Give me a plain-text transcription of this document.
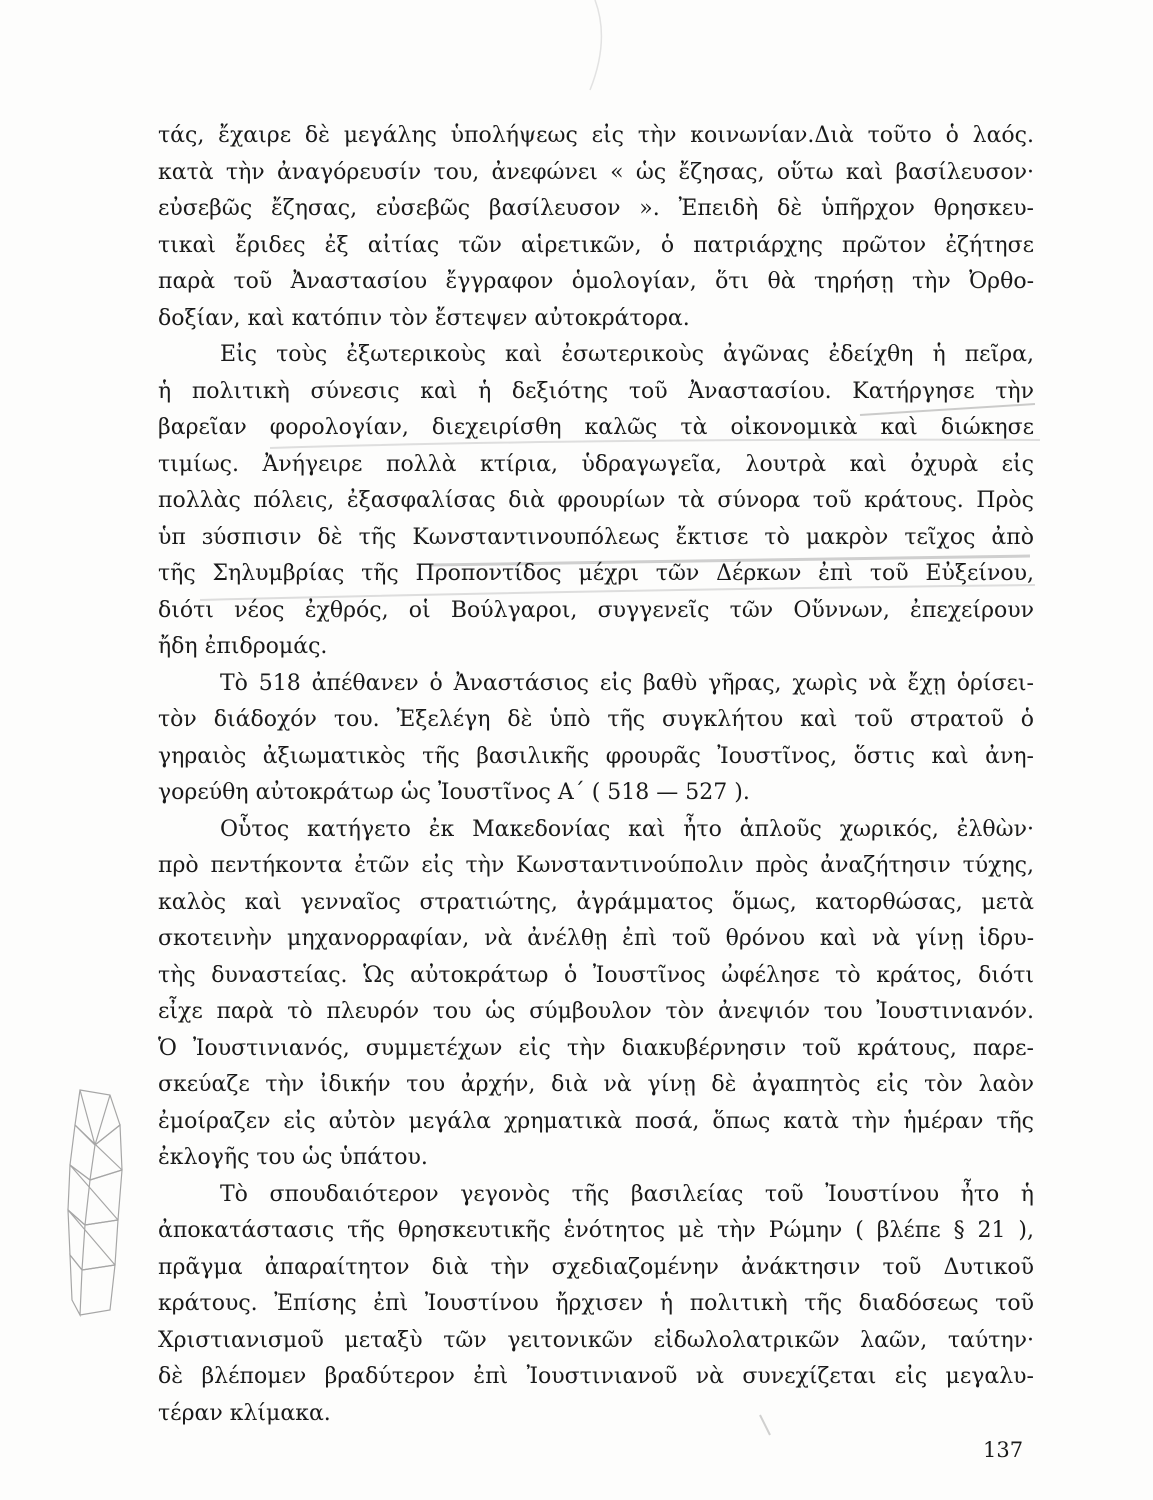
τάς, ἔχαιρε δὲ μεγάλης ὑπολήψεως εἰς τὴν κοινωνίαν.Διὰ τοῦτο ὁ λαός.
κατὰ τὴν ἀναγόρευσίν του, ἀνεφώνει « ὡς ἔζησας, οὕτω καὶ βασίλευσον·
εὐσεβῶς ἔζησας, εὐσεβῶς βασίλευσον ». Ἐπειδὴ δὲ ὑπῆρχον θρησκευ-
τικαὶ ἔριδες ἐξ αἰτίας τῶν αἱρετικῶν, ὁ πατριάρχης πρῶτον ἐζήτησε
παρὰ τοῦ Ἀναστασίου ἔγγραφον ὁμολογίαν, ὅτι θὰ τηρήσῃ τὴν Ὀρθο-
δοξίαν, καὶ κατόπιν τὸν ἔστεψεν αὐτοκράτορα.
Εἰς τοὺς ἐξωτερικοὺς καὶ ἐσωτερικοὺς ἀγῶνας ἐδείχθη ἡ πεῖρα,
ἡ πολιτικὴ σύνεσις καὶ ἡ δεξιότης τοῦ Ἀναστασίου. Κατήργησε τὴν
βαρεῖαν φορολογίαν, διεχειρίσθη καλῶς τὰ οἰκονομικὰ καὶ διώκησε
τιμίως. Ἀνήγειρε πολλὰ κτίρια, ὑδραγωγεῖα, λουτρὰ καὶ ὀχυρὰ εἰς
πολλὰς πόλεις, ἐξασφαλίσας διὰ φρουρίων τὰ σύνορα τοῦ κράτους. Πρὸς
ὑπ ɜύσπισιν δὲ τῆς Κωνσταντινουπόλεως ἔκτισε τὸ μακρὸν τεῖχος ἀπὸ
τῆς Σηλυμβρίας τῆς Προποντίδος μέχρι τῶν Δέρκων ἐπὶ τοῦ Εὐξείνου,
διότι νέος ἐχθρός, οἱ Βούλγαροι, συγγενεῖς τῶν Οὕννων, ἐπεχείρουν
ἤδη ἐπιδρομάς.
Τὸ 518 ἀπέθανεν ὁ Ἀναστάσιος εἰς βαθὺ γῆρας, χωρὶς νὰ ἔχῃ ὁρίσει-
τὸν διάδοχόν του. Ἐξελέγη δὲ ὑπὸ τῆς συγκλήτου καὶ τοῦ στρατοῦ ὁ
γηραιὸς ἀξιωματικὸς τῆς βασιλικῆς φρουρᾶς Ἰουστῖνος, ὅστις καὶ ἀνη-
γορεύθη αὐτοκράτωρ ὡς Ἰουστῖνος Α΄ ( 518 — 527 ).
Οὗτος κατήγετο ἐκ Μακεδονίας καὶ ἦτο ἁπλοῦς χωρικός, ἐλθὼν·
πρὸ πεντήκοντα ἐτῶν εἰς τὴν Κωνσταντινούπολιν πρὸς ἀναζήτησιν τύχης,
καλὸς καὶ γενναῖος στρατιώτης, ἀγράμματος ὅμως, κατορθώσας, μετὰ
σκοτεινὴν μηχανορραφίαν, νὰ ἀνέλθῃ ἐπὶ τοῦ θρόνου καὶ νὰ γίνῃ ἱδρυ-
τὴς δυναστείας. Ὡς αὐτοκράτωρ ὁ Ἰουστῖνος ὠφέλησε τὸ κράτος, διότι
εἶχε παρὰ τὸ πλευρόν του ὡς σύμβουλον τὸν ἀνεψιόν του Ἰουστινιανόν.
Ὁ Ἰουστινιανός, συμμετέχων εἰς τὴν διακυβέρνησιν τοῦ κράτους, παρε-
σκεύαζε τὴν ἰδικήν του ἀρχήν, διὰ νὰ γίνῃ δὲ ἀγαπητὸς εἰς τὸν λαὸν
ἐμοίραζεν εἰς αὐτὸν μεγάλα χρηματικὰ ποσά, ὅπως κατὰ τὴν ἡμέραν τῆς
ἐκλογῆς του ὡς ὑπάτου.
Τὸ σπουδαιότερον γεγονὸς τῆς βασιλείας τοῦ Ἰουστίνου ἦτο ἡ
ἀποκατάστασις τῆς θρησκευτικῆς ἑνότητος μὲ τὴν Ρώμην ( βλέπε § 21 ),
πρᾶγμα ἀπαραίτητον διὰ τὴν σχεδιαζομένην ἀνάκτησιν τοῦ Δυτικοῦ
κράτους. Ἐπίσης ἐπὶ Ἰουστίνου ἤρχισεν ἡ πολιτικὴ τῆς διαδόσεως τοῦ
Χριστιανισμοῦ μεταξὺ τῶν γειτονικῶν εἰδωλολατρικῶν λαῶν, ταύτην·
δὲ βλέπομεν βραδύτερον ἐπὶ Ἰουστινιανοῦ νὰ συνεχίζεται εἰς μεγαλυ-
τέραν κλίμακα.
137
